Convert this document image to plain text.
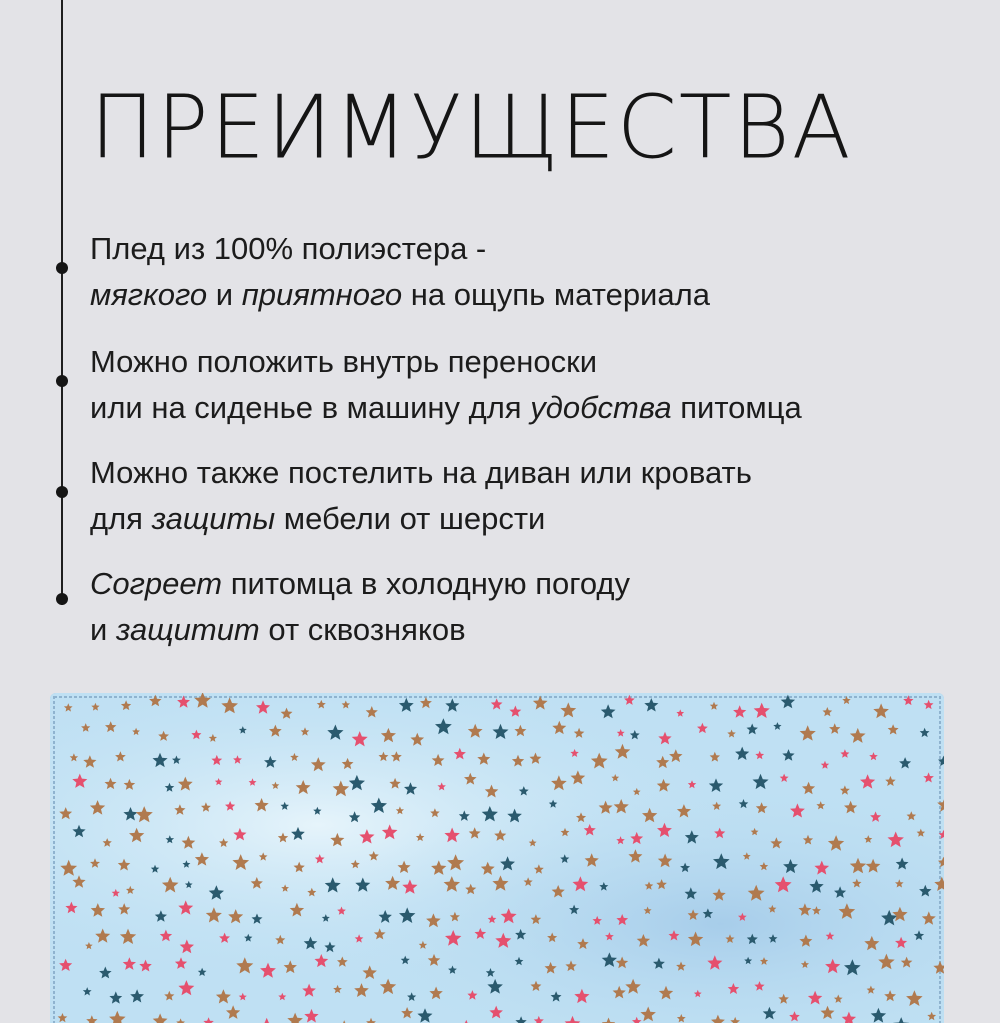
ПРЕИМУЩЕСТВА
Плед из 100% полиэстера -
мягкого и приятного на ощупь материала
Можно положить внутрь переноски
или на сиденье в машину для удобства питомца
Можно также постелить на диван или кровать
для защиты мебели от шерсти
Согреет питомца в холодную погоду
и защитит от сквозняков
